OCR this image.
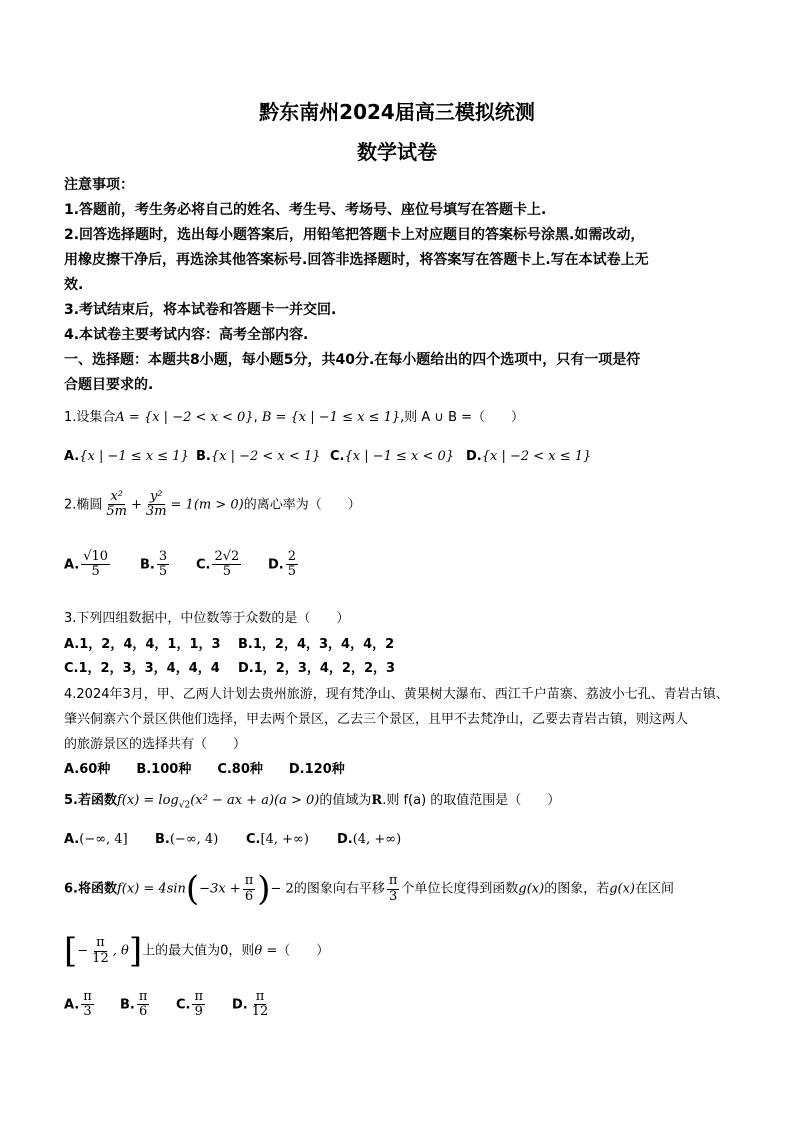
黔东南州2024届高三模拟统测
数学试卷
注意事项：
1.答题前，考生务必将自己的姓名、考生号、考场号、座位号填写在答题卡上.
2.回答选择题时，选出每小题答案后，用铅笔把答题卡上对应题目的答案标号涂黑.如需改动，
用橡皮擦干净后，再选涂其他答案标号.回答非选择题时，将答案写在答题卡上.写在本试卷上无
效.
3.考试结束后，将本试卷和答题卡一并交回.
4.本试卷主要考试内容：高考全部内容.
一、选择题：本题共8小题，每小题5分，共40分.在每小题给出的四个选项中，只有一项是符
合题目要求的.
1.设集合A = {x | −2 < x < 0}, B = {x | −1 ≤ x ≤ 1},则 A ∪ B =（　　）
A.{x | −1 ≤ x ≤ 1} B.{x | −2 < x < 1} C.{x | −1 ≤ x < 0} D.{x | −2 < x ≤ 1}
2.椭圆 $\frac{\text{x²}}{5m} + \frac{\text{y²}}{3m} = 1(m > 0)$的离心率为（　　）
A. $\frac{√10}{5} B$. $\frac{3}{5} C$. $\frac{2√2}{5} D$. $\frac{2}{5}$
3.下列四组数据中，中位数等于众数的是（　　）
A.1，2，4，4，1，1，3 B.1，2，4，3，4，4，2
C.1，2，3，3，4，4，4 D.1，2，3，4，2，2，3
4.2024年3月，甲、乙两人计划去贵州旅游，现有梵净山、黄果树大瀑布、西江千户苗寨、荔波小七孔、青岩古镇、
肇兴侗寨六个景区供他们选择，甲去两个景区，乙去三个景区，且甲不去梵净山，乙要去青岩古镇，则这两人
的旅游景区的选择共有（　　）
A.60种　　B.100种　　C.80种　　D.120种
5.若函数$f(x) = \log_{√2}(x^2$ − ax + a)(a > 0)的值域为R.则 f(a) 的取值范围是（　　）
A.(−∞, 4] B.(−∞, 4) C.[4, +∞) D.(4, +∞)
6.将函数$f(x) = 4\sin(-3x + \frac{\pi}{6}$ )− 2的图象向右平移 $\frac{\pi}{3}$ 个单位长度得到函数g(x)的图象，若g(x)在区间
[− $\frac{\pi}{12}$ , θ]上的最大值为0，则θ =（　　）
A. $\frac{\pi}{3} B$. $\frac{\pi}{6} C$. $\frac{\pi}{9} D$. $\frac{\pi}{12}$
